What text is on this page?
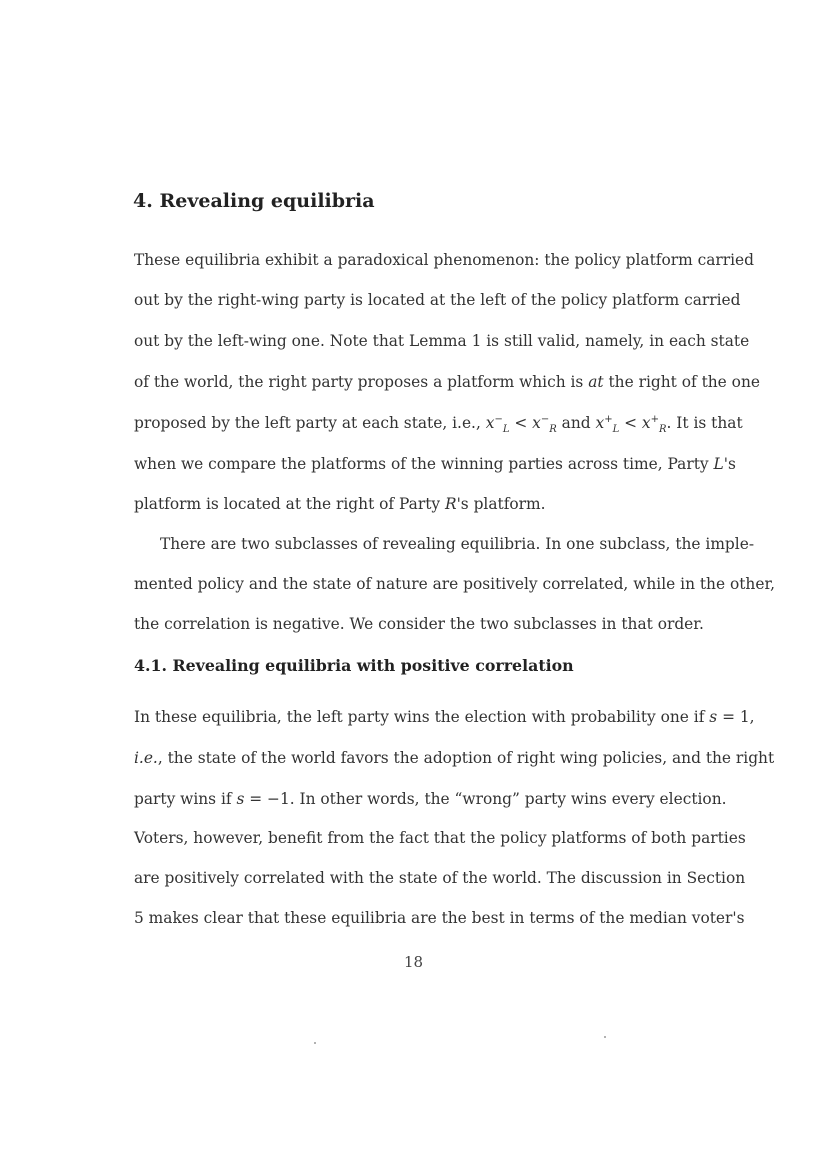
4. Revealing equilibria

These equilibria exhibit a paradoxical phenomenon: the policy platform carried

out by the right-wing party is located at the left of the policy platform carried

out by the left-wing one. Note that Lemma 1 is still valid, namely, in each state

of the world, the right party proposes a platform which is at the right of the one

proposed by the left party at each state, i.e., $x^-_L < x^-_R$ and $x^+_L < x^+_R$. It is that

when we compare the platforms of the winning parties across time, Party L's

platform is located at the right of Party R's platform.

There are two subclasses of revealing equilibria. In one subclass, the imple-

mented policy and the state of nature are positively correlated, while in the other,

the correlation is negative. We consider the two subclasses in that order.

4.1. Revealing equilibria with positive correlation

In these equilibria, the left party wins the election with probability one if s = 1,

i.e., the state of the world favors the adoption of right wing policies, and the right

party wins if s = −1. In other words, the “wrong” party wins every election.

Voters, however, benefit from the fact that the policy platforms of both parties

are positively correlated with the state of the world. The discussion in Section

5 makes clear that these equilibria are the best in terms of the median voter's

18
